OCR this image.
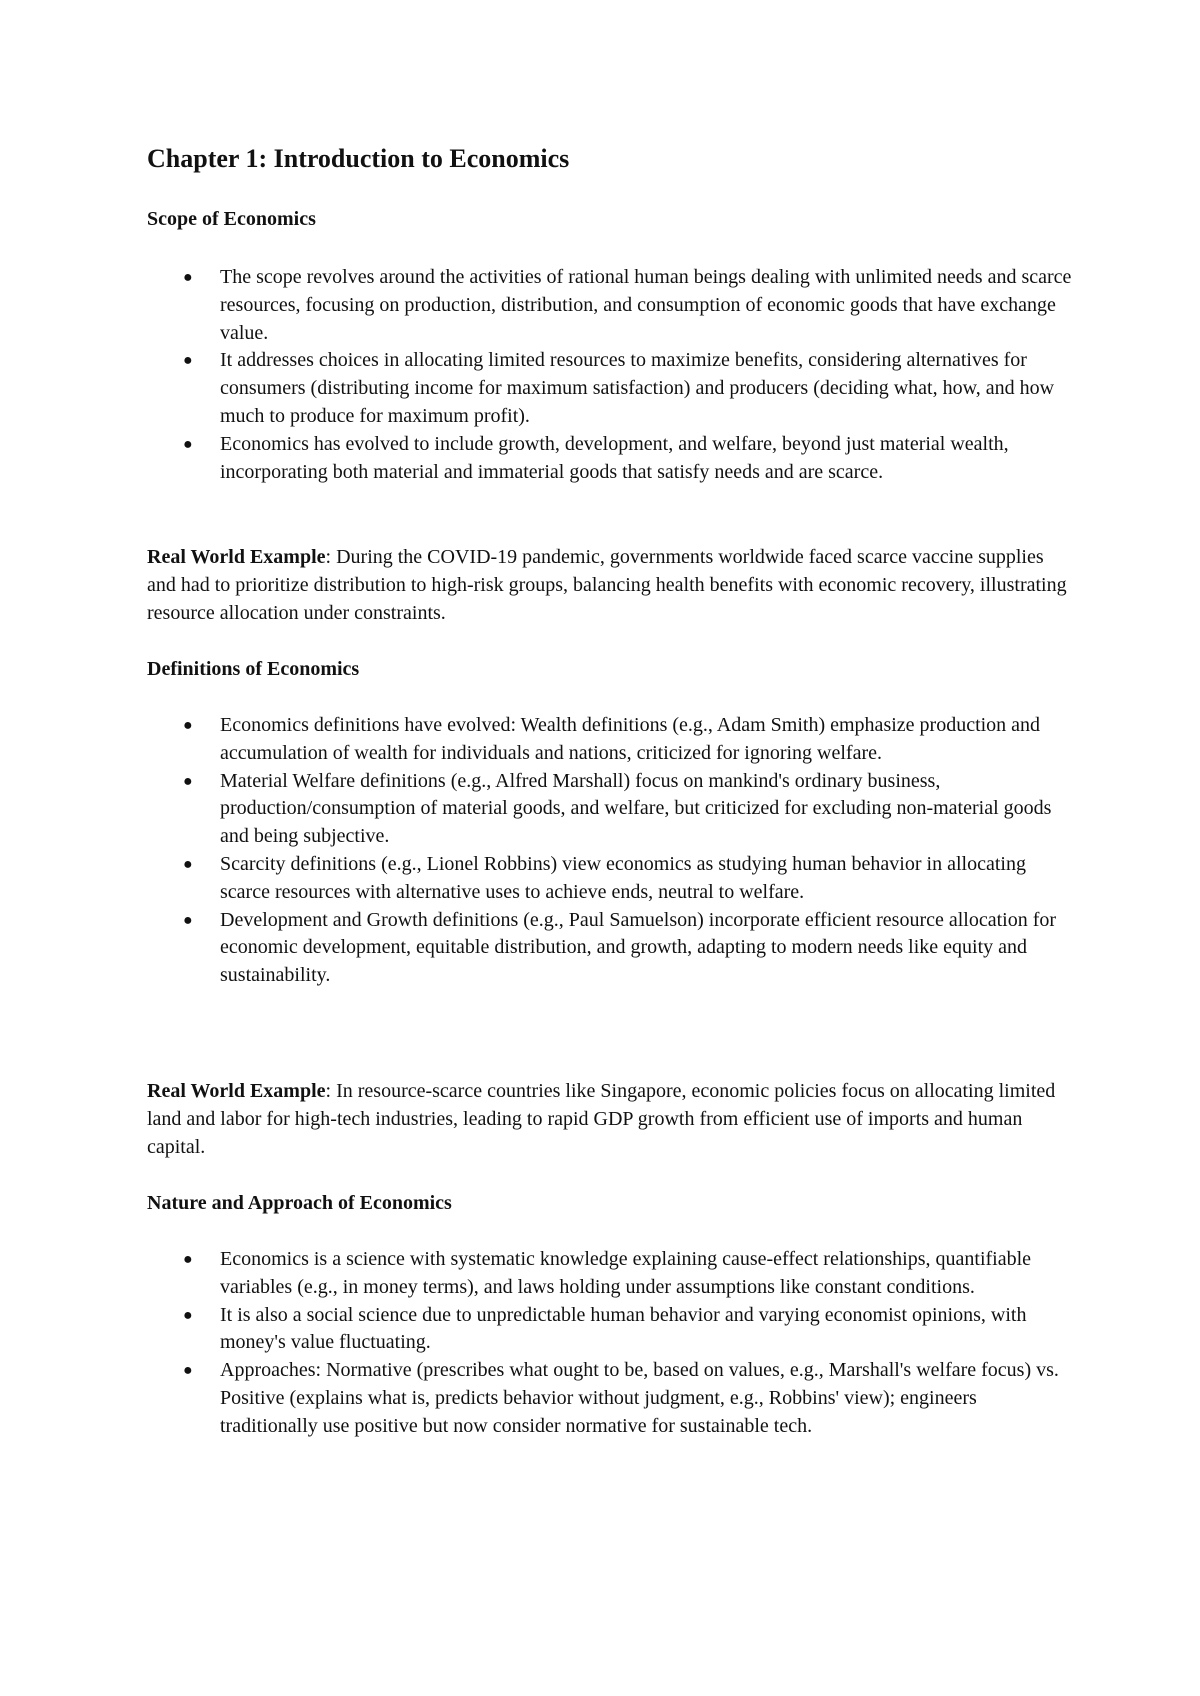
Chapter 1: Introduction to Economics
Scope of Economics
● The scope revolves around the activities of rational human beings dealing with unlimited needs and scarce resources, focusing on production, distribution, and consumption of economic goods that have exchange value.
● It addresses choices in allocating limited resources to maximize benefits, considering alternatives for consumers (distributing income for maximum satisfaction) and producers (deciding what, how, and how much to produce for maximum profit).
● Economics has evolved to include growth, development, and welfare, beyond just material wealth, incorporating both material and immaterial goods that satisfy needs and are scarce.

Real World Example: During the COVID-19 pandemic, governments worldwide faced scarce vaccine supplies and had to prioritize distribution to high-risk groups, balancing health benefits with economic recovery, illustrating resource allocation under constraints.

Definitions of Economics
● Economics definitions have evolved: Wealth definitions (e.g., Adam Smith) emphasize production and accumulation of wealth for individuals and nations, criticized for ignoring welfare.
● Material Welfare definitions (e.g., Alfred Marshall) focus on mankind's ordinary business, production/consumption of material goods, and welfare, but criticized for excluding non-material goods and being subjective.
● Scarcity definitions (e.g., Lionel Robbins) view economics as studying human behavior in allocating scarce resources with alternative uses to achieve ends, neutral to welfare.
● Development and Growth definitions (e.g., Paul Samuelson) incorporate efficient resource allocation for economic development, equitable distribution, and growth, adapting to modern needs like equity and sustainability.

Real World Example: In resource-scarce countries like Singapore, economic policies focus on allocating limited land and labor for high-tech industries, leading to rapid GDP growth from efficient use of imports and human capital.

Nature and Approach of Economics
● Economics is a science with systematic knowledge explaining cause-effect relationships, quantifiable variables (e.g., in money terms), and laws holding under assumptions like constant conditions.
● It is also a social science due to unpredictable human behavior and varying economist opinions, with money's value fluctuating.
● Approaches: Normative (prescribes what ought to be, based on values, e.g., Marshall's welfare focus) vs. Positive (explains what is, predicts behavior without judgment, e.g., Robbins' view); engineers traditionally use positive but now consider normative for sustainable tech.
